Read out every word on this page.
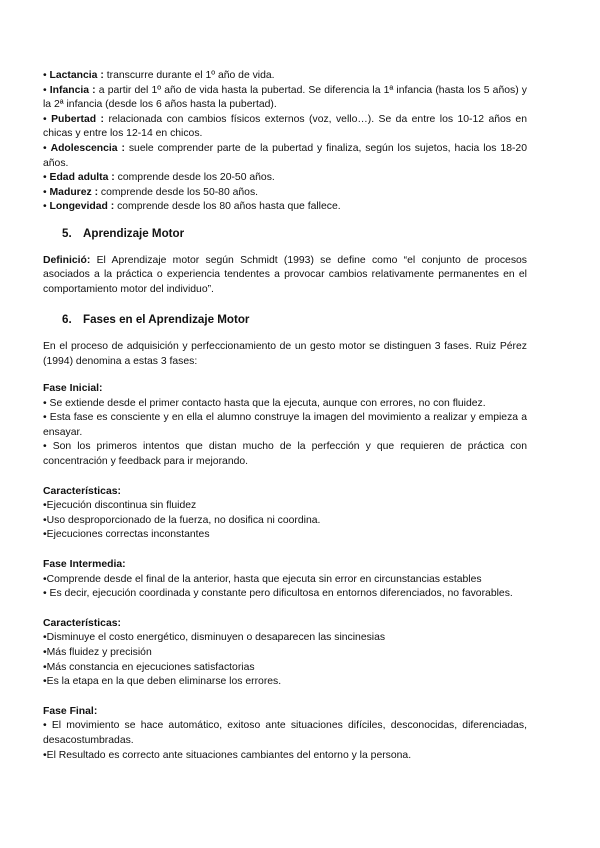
• Lactancia : transcurre durante el 1º año de vida.

• Infancia : a partir del 1º año de vida hasta la pubertad. Se diferencia la 1ª infancia (hasta los 5 años) y la 2ª infancia (desde los 6 años hasta la pubertad).

• Pubertad : relacionada con cambios físicos externos (voz, vello…). Se da entre los 10-12 años en chicas y entre los 12-14 en chicos.

• Adolescencia : suele comprender parte de la pubertad y finaliza, según los sujetos, hacia los 18-20 años.

• Edad adulta : comprende desde los 20-50 años.

• Madurez : comprende desde los 50-80 años.

• Longevidad : comprende desde los 80 años hasta que fallece.

5. Aprendizaje Motor

Definició: El Aprendizaje motor según Schmidt (1993) se define como “el conjunto de procesos asociados a la práctica o experiencia tendentes a provocar cambios relativamente permanentes en el comportamiento motor del individuo”.

6. Fases en el Aprendizaje Motor

En el proceso de adquisición y perfeccionamiento de un gesto motor se distinguen 3 fases. Ruiz Pérez (1994) denomina a estas 3 fases:

Fase Inicial:

• Se extiende desde el primer contacto hasta que la ejecuta, aunque con errores, no con fluidez.

• Esta fase es consciente y en ella el alumno construye la imagen del movimiento a realizar y empieza a ensayar.

• Son los primeros intentos que distan mucho de la perfección y que requieren de práctica con concentración y feedback para ir mejorando.

Características:

•Ejecución discontinua sin fluidez

•Uso desproporcionado de la fuerza, no dosifica ni coordina.

•Ejecuciones correctas inconstantes

Fase Intermedia:

•Comprende desde el final de la anterior, hasta que ejecuta sin error en circunstancias estables

• Es decir, ejecución coordinada y constante pero dificultosa en entornos diferenciados, no favorables.

Características:

•Disminuye el costo energético, disminuyen o desaparecen las sincinesias

•Más fluidez y precisión

•Más constancia en ejecuciones satisfactorias

•Es la etapa en la que deben eliminarse los errores.

Fase Final:

• El movimiento se hace automático, exitoso ante situaciones difíciles, desconocidas, diferenciadas, desacostumbradas.

•El Resultado es correcto ante situaciones cambiantes del entorno y la persona.
